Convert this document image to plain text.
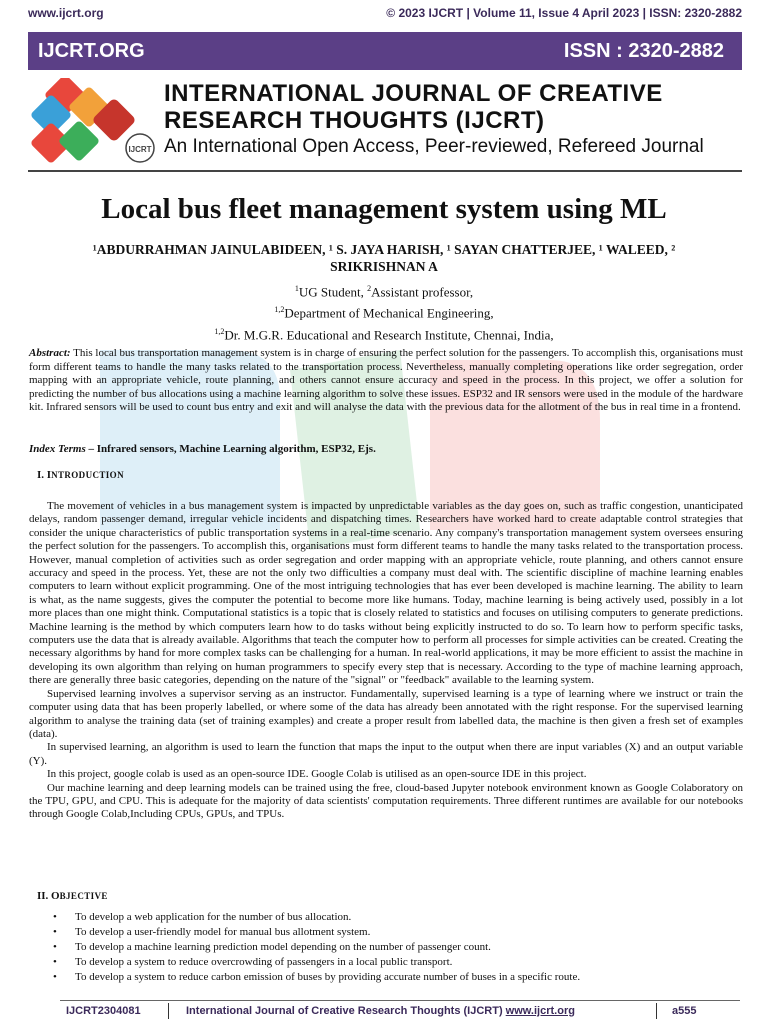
www.ijcrt.org	© 2023 IJCRT | Volume 11, Issue 4 April 2023 | ISSN: 2320-2882
IJCRT.ORG	ISSN : 2320-2882
IJCRT
INTERNATIONAL JOURNAL OF CREATIVE
RESEARCH THOUGHTS (IJCRT)
An International Open Access, Peer-reviewed, Refereed Journal
Local bus fleet management system using ML
¹ABDURRAHMAN JAINULABIDEEN, ¹ S. JAYA HARISH, ¹ SAYAN CHATTERJEE, ¹ WALEED, ² SRIKRISHNAN A
$^1$UG Student, $^2$Assistant professor,
$^{1,2}$Department of Mechanical Engineering,
$^{1,2}$Dr. M.G.R. Educational and Research Institute, Chennai, India,
Abstract: This local bus transportation management system is in charge of ensuring the perfect solution for the passengers. To accomplish this, organisations must form different teams to handle the many tasks related to the transportation process. Nevertheless, manually completing operations like order segregation, order mapping with an appropriate vehicle, route planning, and others cannot ensure accuracy and speed in the process. In this project, we offer a solution for predicting the number of bus allocations using a machine learning algorithm to solve these issues. ESP32 and IR sensors were used in the module of the hardware kit. Infrared sensors will be used to count bus entry and exit and will analyse the data with the previous data for the allotment of the bus in real time in a frontend.
Index Terms – Infrared sensors, Machine Learning algorithm, ESP32, Ejs.
I. INTRODUCTION

The movement of vehicles in a bus management system is impacted by unpredictable variables as the day goes on, such as traffic congestion, unanticipated delays, random passenger demand, irregular vehicle incidents and dispatching times. Researchers have worked hard to create adaptable control strategies that consider the unique characteristics of public transportation systems in a real-time scenario. Any company's transportation management system oversees ensuring the perfect solution for the passengers. To accomplish this, organisations must form different teams to handle the many tasks related to the transportation process. However, manual completion of activities such as order segregation and order mapping with an appropriate vehicle, route planning, and others cannot ensure accuracy and speed in the process. Yet, these are not the only two difficulties a company must deal with. The scientific discipline of machine learning enables computers to learn without explicit programming. One of the most intriguing technologies that has ever been developed is machine learning. The ability to learn is what, as the name suggests, gives the computer the potential to become more like humans. Today, machine learning is being actively used, possibly in a lot more places than one might think. Computational statistics is a topic that is closely related to statistics and focuses on utilising computers to generate predictions. Machine learning is the method by which computers learn how to do tasks without being explicitly instructed to do so. To learn how to perform specific tasks, computers use the data that is already available. Algorithms that teach the computer how to perform all processes for simple activities can be created. Creating the necessary algorithms by hand for more complex tasks can be challenging for a human. In real-world applications, it may be more efficient to assist the machine in developing its own algorithm than relying on human programmers to specify every step that is necessary. According to the type of machine learning approach, there are generally three basic categories, depending on the nature of the "signal" or "feedback" available to the learning system.

Supervised learning involves a supervisor serving as an instructor. Fundamentally, supervised learning is a type of learning where we instruct or train the computer using data that has been properly labelled, or where some of the data has already been annotated with the right response. For the supervised learning algorithm to analyse the training data (set of training examples) and create a proper result from labelled data, the machine is then given a fresh set of examples (data).

In supervised learning, an algorithm is used to learn the function that maps the input to the output when there are input variables (X) and an output variable (Y).

In this project, google colab is used as an open-source IDE. Google Colab is utilised as an open-source IDE in this project.

Our machine learning and deep learning models can be trained using the free, cloud-based Jupyter notebook environment known as Google Colaboratory on the TPU, GPU, and CPU. This is adequate for the majority of data scientists' computation requirements. Three different runtimes are available for our notebooks through Google Colab,Including CPUs, GPUs, and TPUs.

II. OBJECTIVE
• To develop a web application for the number of bus allocation.
• To develop a user-friendly model for manual bus allotment system.
• To develop a machine learning prediction model depending on the number of passenger count.
• To develop a system to reduce overcrowding of passengers in a local public transport.
• To develop a system to reduce carbon emission of buses by providing accurate number of buses in a specific route.
IJCRT2304081	International Journal of Creative Research Thoughts (IJCRT) www.ijcrt.org	a555
